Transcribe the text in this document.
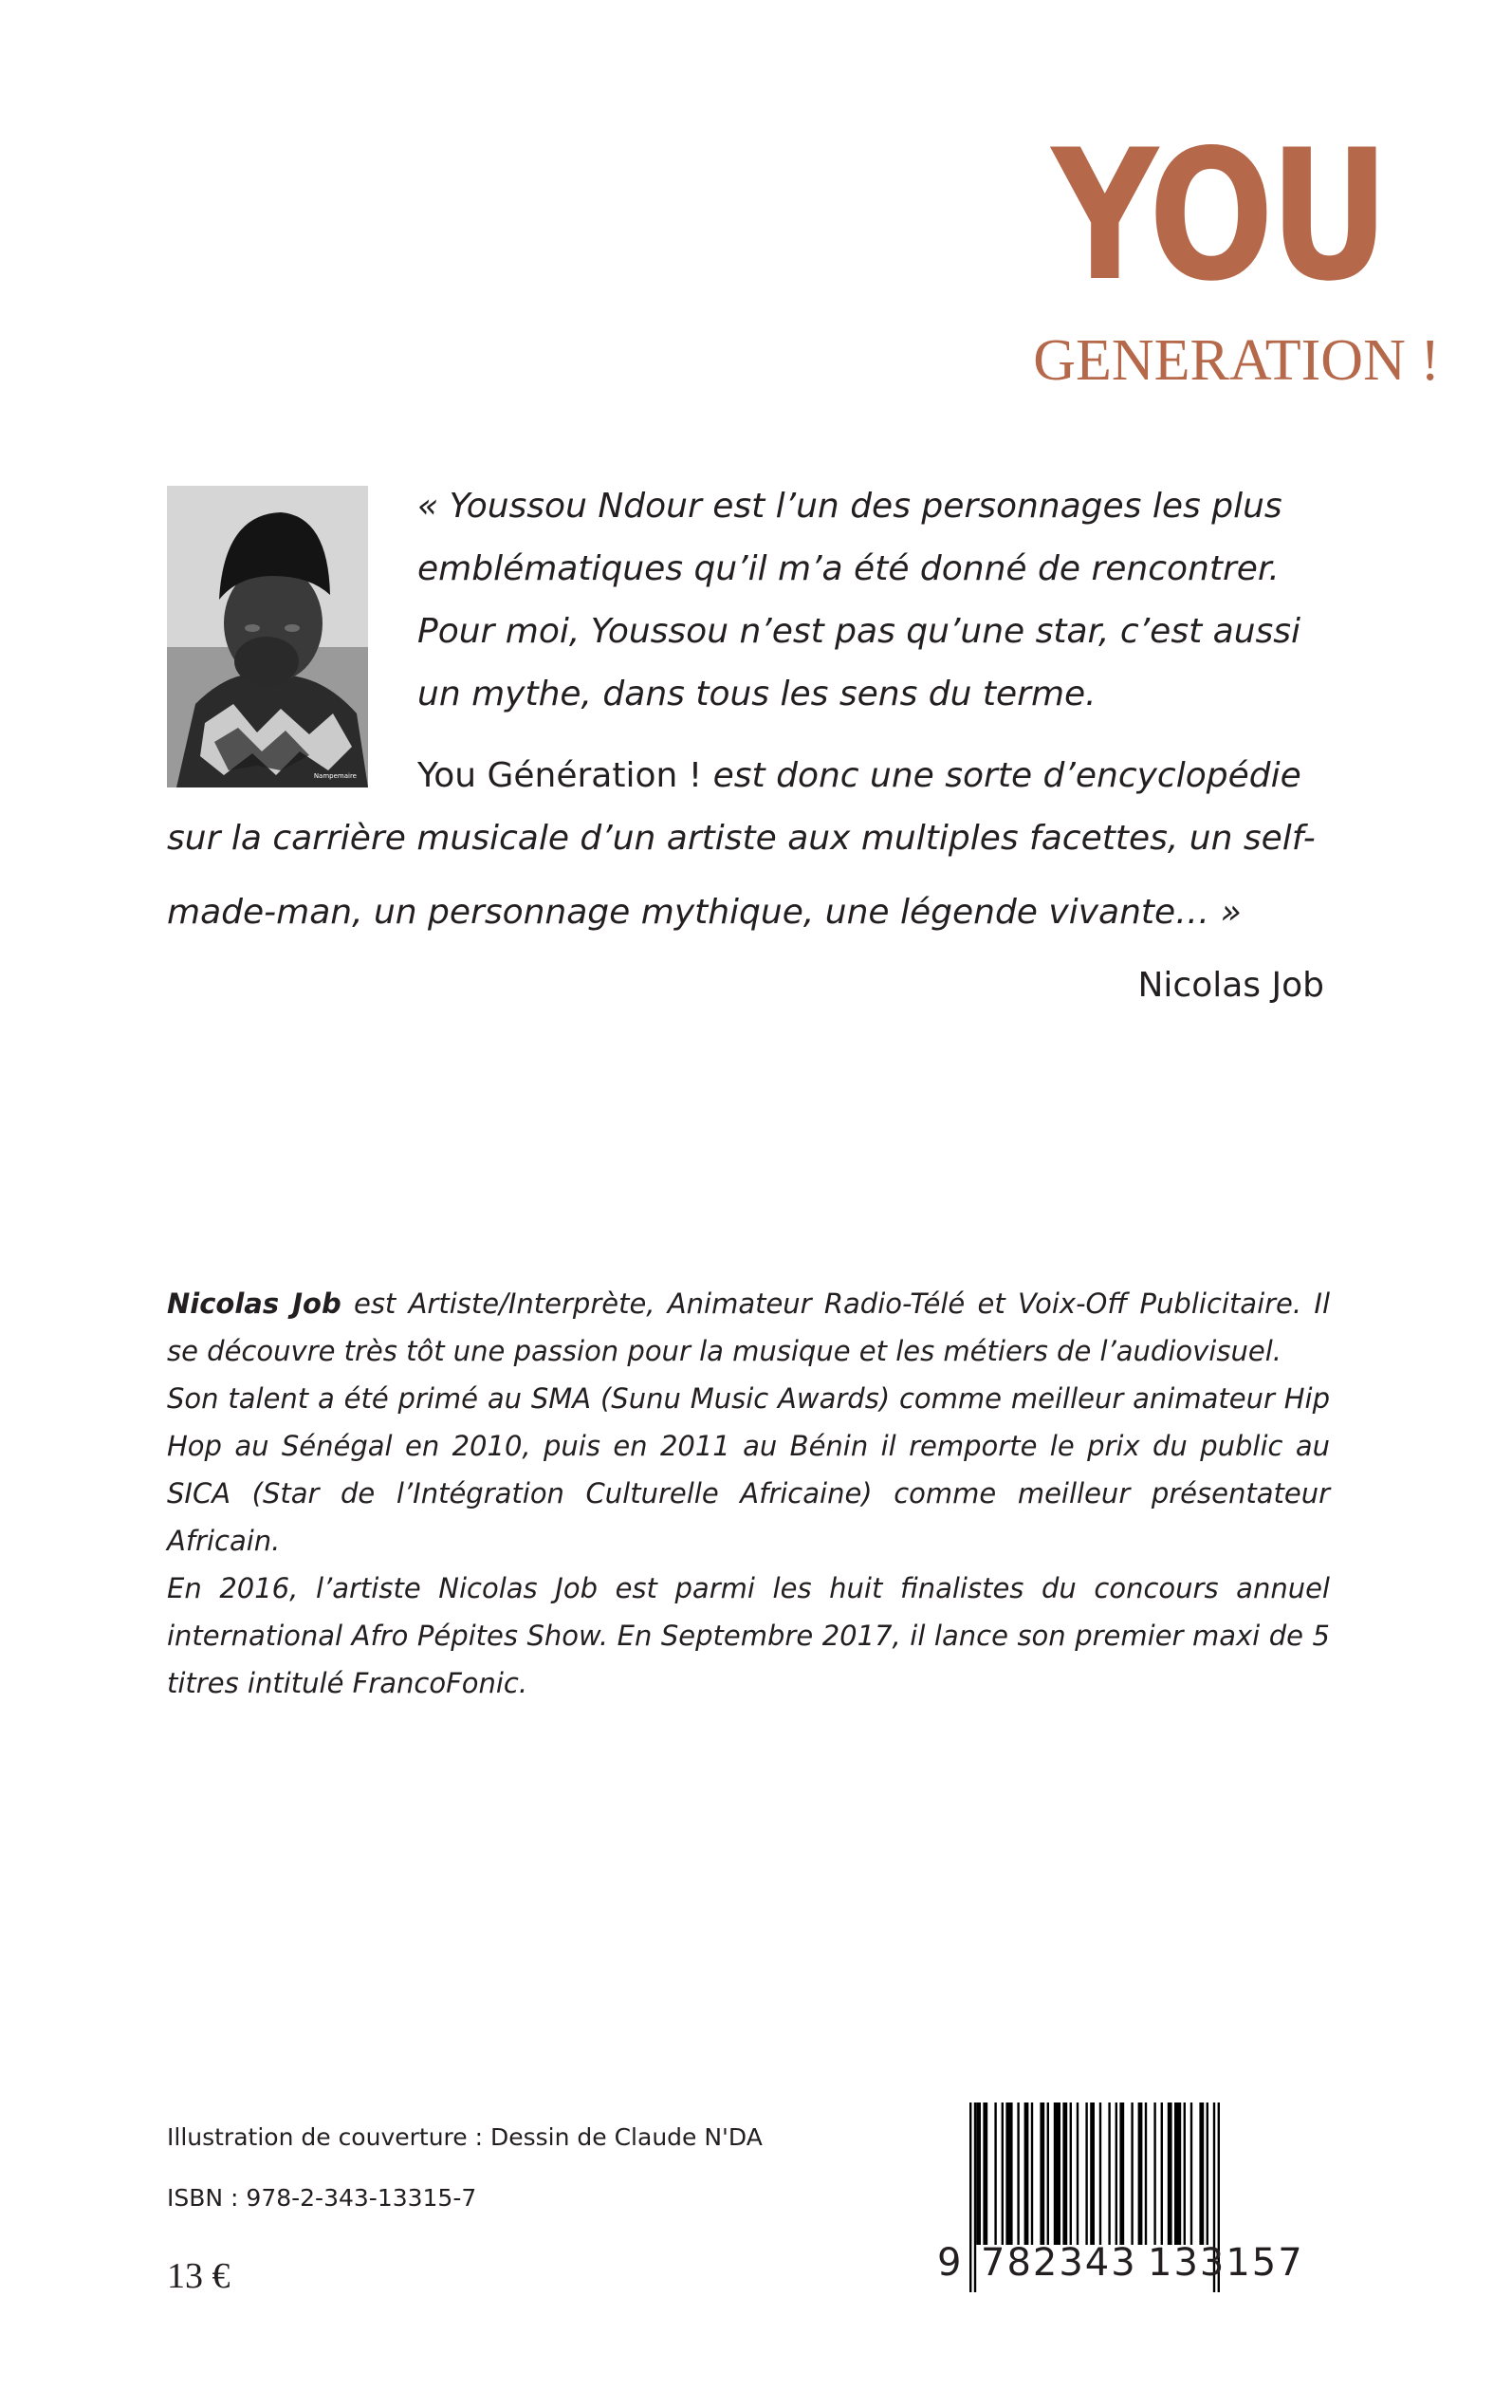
YOU
GENERATION !
Nampemaire
« Youssou Ndour est l’un des personnages les plus
emblématiques qu’il m’a été donné de rencontrer.
Pour moi, Youssou n’est pas qu’une star, c’est aussi
un mythe, dans tous les sens du terme.
You Génération ! est donc une sorte d’encyclopédie
sur la carrière musicale d’un artiste aux multiples facettes, un self-
made-man, un personnage mythique, une légende vivante… »
Nicolas Job

Nicolas Job est Artiste/Interprète, Animateur Radio-Télé et Voix-Off Publicitaire. Il se découvre très tôt une passion pour la musique et les métiers de l’audiovisuel.

Son talent a été primé au SMA (Sunu Music Awards) comme meilleur animateur Hip Hop au Sénégal en 2010, puis en 2011 au Bénin il remporte le prix du public au SICA (Star de l’Intégration Culturelle Africaine) comme meilleur présentateur Africain.

En 2016, l’artiste Nicolas Job est parmi les huit finalistes du concours annuel international Afro Pépites Show. En Septembre 2017, il lance son premier maxi de 5 titres intitulé FrancoFonic.

Illustration de couverture : Dessin de Claude N'DA
ISBN : 978-2-343-13315-7
13 €	9 782343 133157
